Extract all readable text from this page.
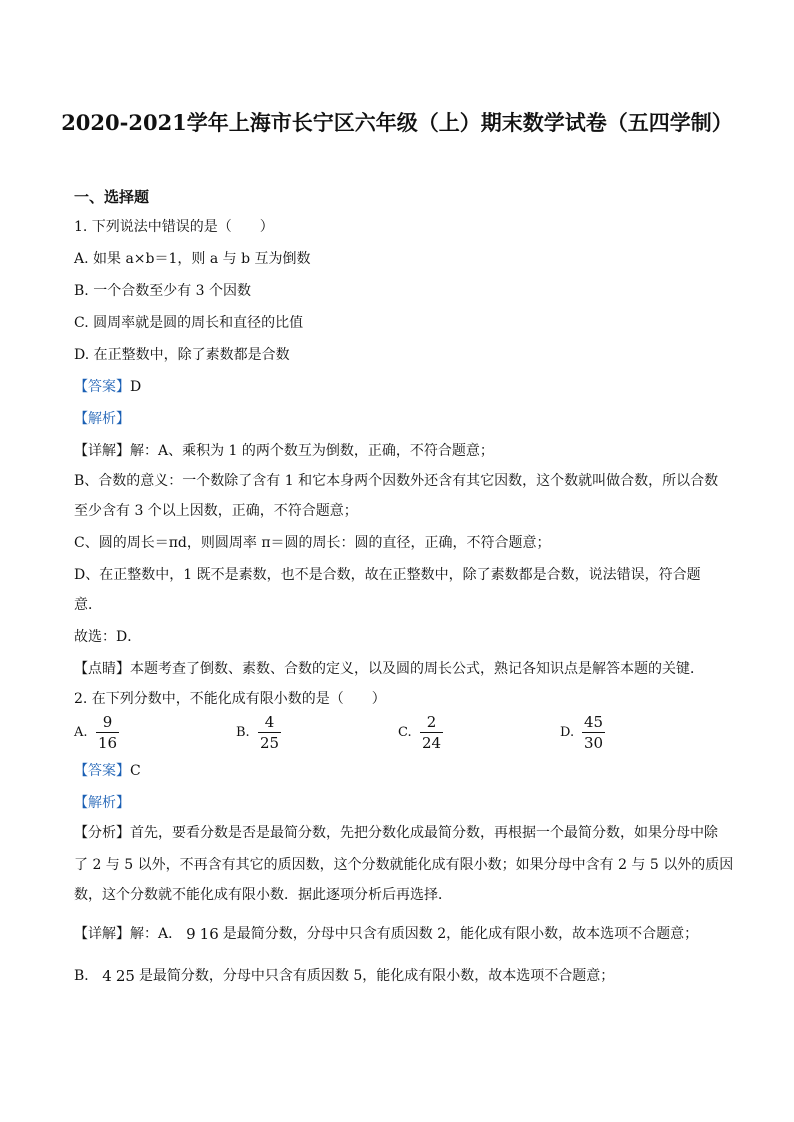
2020-2021学年上海市长宁区六年级（上）期末数学试卷（五四学制）
一、选择题
1. 下列说法中错误的是（　　）
A. 如果 a×b＝1，则 a 与 b 互为倒数
B. 一个合数至少有 3 个因数
C. 圆周率就是圆的周长和直径的比值
D. 在正整数中，除了素数都是合数
【答案】D
【解析】
【详解】解：A、乘积为 1 的两个数互为倒数，正确，不符合题意；
B、合数的意义：一个数除了含有 1 和它本身两个因数外还含有其它因数，这个数就叫做合数，所以合数
至少含有 3 个以上因数，正确，不符合题意；
C、圆的周长＝πd，则圆周率 π＝圆的周长：圆的直径，正确，不符合题意；
D、在正整数中，1 既不是素数，也不是合数，故在正整数中，除了素数都是合数，说法错误，符合题
意．
故选：D．
【点睛】本题考查了倒数、素数、合数的定义，以及圆的周长公式，熟记各知识点是解答本题的关键．
2. 在下列分数中，不能化成有限小数的是（　　）
A.
9
16
B.
4
25
C.
2
24
D.
45
30
【答案】C
【解析】
【分析】首先，要看分数是否是最简分数，先把分数化成最简分数，再根据一个最简分数，如果分母中除
了 2 与 5 以外，不再含有其它的质因数，这个分数就能化成有限小数；如果分母中含有 2 与 5 以外的质因
数，这个分数就不能化成有限小数．据此逐项分析后再选择．
【详解】解：A． 9 16 是最简分数，分母中只含有质因数 2，能化成有限小数，故本选项不合题意；
B． 4 25 是最简分数，分母中只含有质因数 5，能化成有限小数，故本选项不合题意；
